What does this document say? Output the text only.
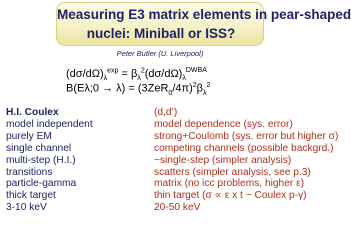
Measuring E3 matrix elements in pear-shaped
nuclei: Miniball or ISS?
Peter Butler (U. Liverpool)
$(d\sigma/d\Omega)_\lambda^{exp} = \beta_\lambda^2(d\sigma/d\Omega)_\lambda^{DWBA}$
B(Eλ;0 → $\lambda) = (3ZeR_0/4\pi)^2\beta_\lambda^2$
H.I. Coulex
model independent
purely EM
single channel
multi-step (H.I.)
transitions
particle-gamma
thick target
3-10 keV
(d,d’)
model dependence (sys. error)
strong+Coulomb (sys. error but higher σ)
competing channels (possible backgrd.)
~single-step (simpler analysis)
scatters (simpler analysis, see p.3)
matrix (no icc problems, higher ε)
thin target (σ ∝ ε x t ~ Coulex p-γ)
20-50 keV
